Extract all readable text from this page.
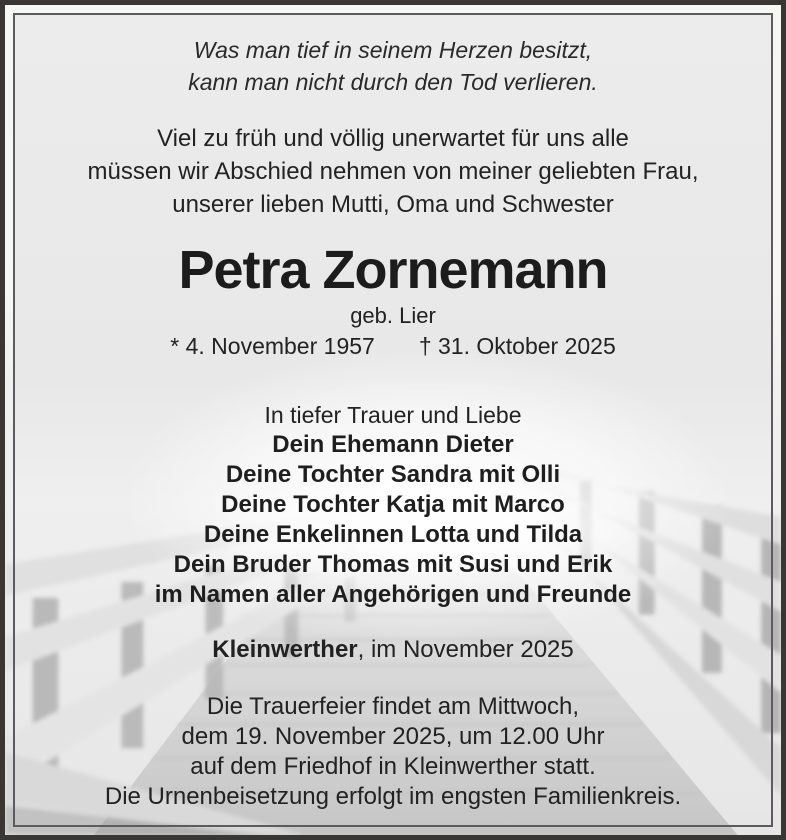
Was man tief in seinem Herzen besitzt,
kann man nicht durch den Tod verlieren.
Viel zu früh und völlig unerwartet für uns alle
müssen wir Abschied nehmen von meiner geliebten Frau,
unserer lieben Mutti, Oma und Schwester
Petra Zornemann
geb. Lier
* 4. November 1957 † 31. Oktober 2025
In tiefer Trauer und Liebe
Dein Ehemann Dieter
Deine Tochter Sandra mit Olli
Deine Tochter Katja mit Marco
Deine Enkelinnen Lotta und Tilda
Dein Bruder Thomas mit Susi und Erik
im Namen aller Angehörigen und Freunde
Kleinwerther, im November 2025
Die Trauerfeier findet am Mittwoch,
dem 19. November 2025, um 12.00 Uhr
auf dem Friedhof in Kleinwerther statt.
Die Urnenbeisetzung erfolgt im engsten Familienkreis.
